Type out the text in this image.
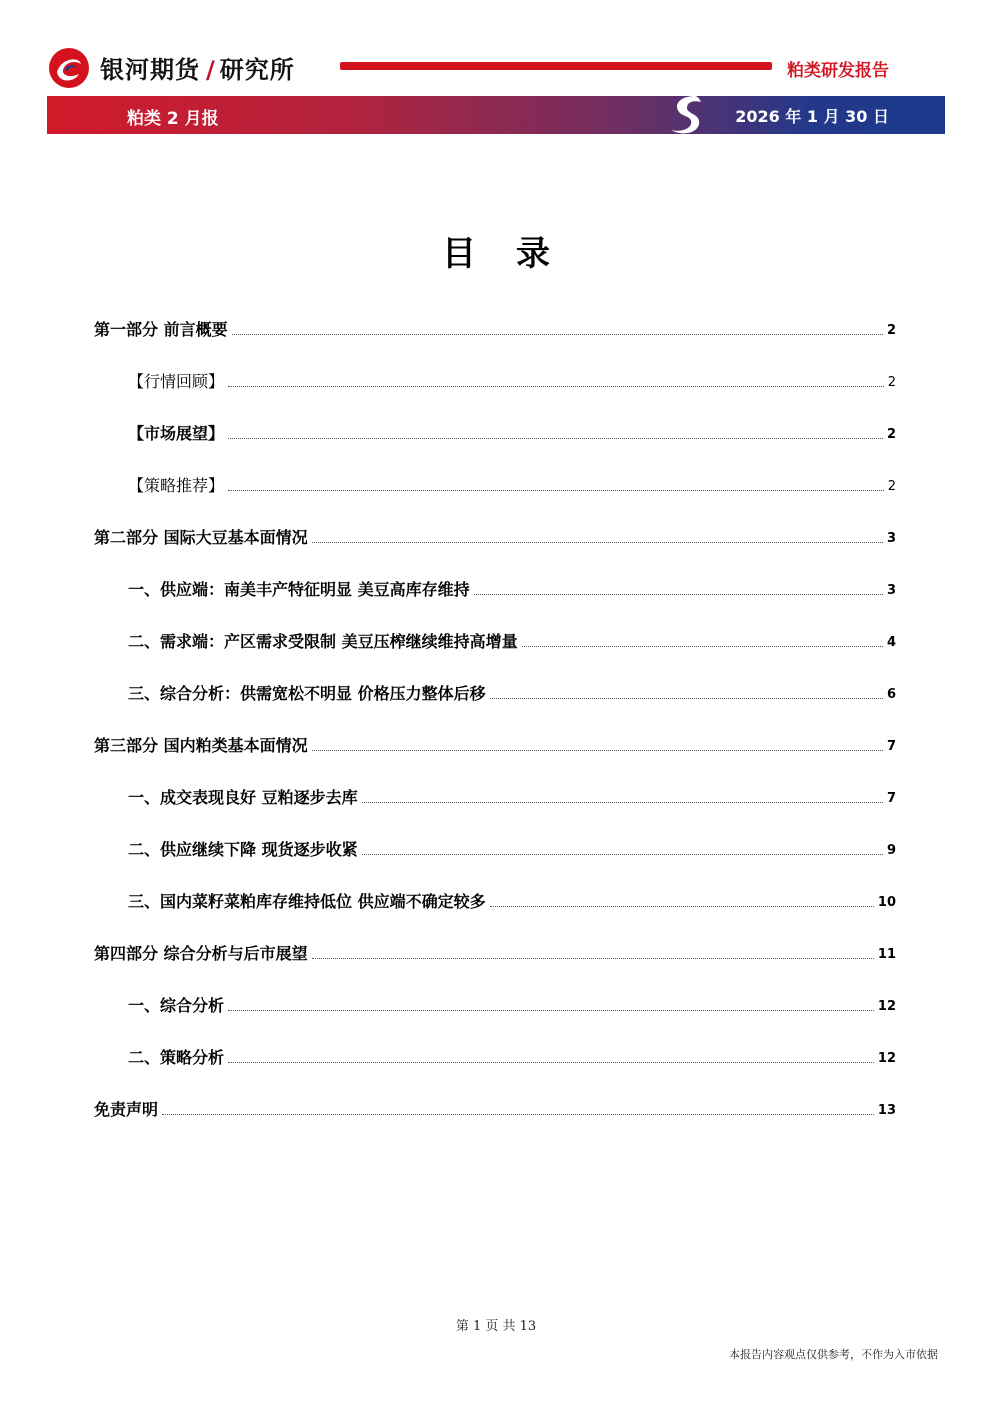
银河期货 / 研究所	粕类研发报告
粕类 2 月报	2026 年 1 月 30 日
目录
第一部分 前言概要	2
【行情回顾】	2
【市场展望】	2
【策略推荐】	2
第二部分 国际大豆基本面情况	3
一、供应端：南美丰产特征明显 美豆高库存维持	3
二、需求端：产区需求受限制 美豆压榨继续维持高增量	4
三、综合分析：供需宽松不明显 价格压力整体后移	6
第三部分 国内粕类基本面情况	7
一、成交表现良好 豆粕逐步去库	7
二、供应继续下降 现货逐步收紧	9
三、国内菜籽菜粕库存维持低位 供应端不确定较多	10
第四部分 综合分析与后市展望	11
一、综合分析	12
二、策略分析	12
免责声明	13
第 1 页 共 13
本报告内容观点仅供参考，不作为入市依据
